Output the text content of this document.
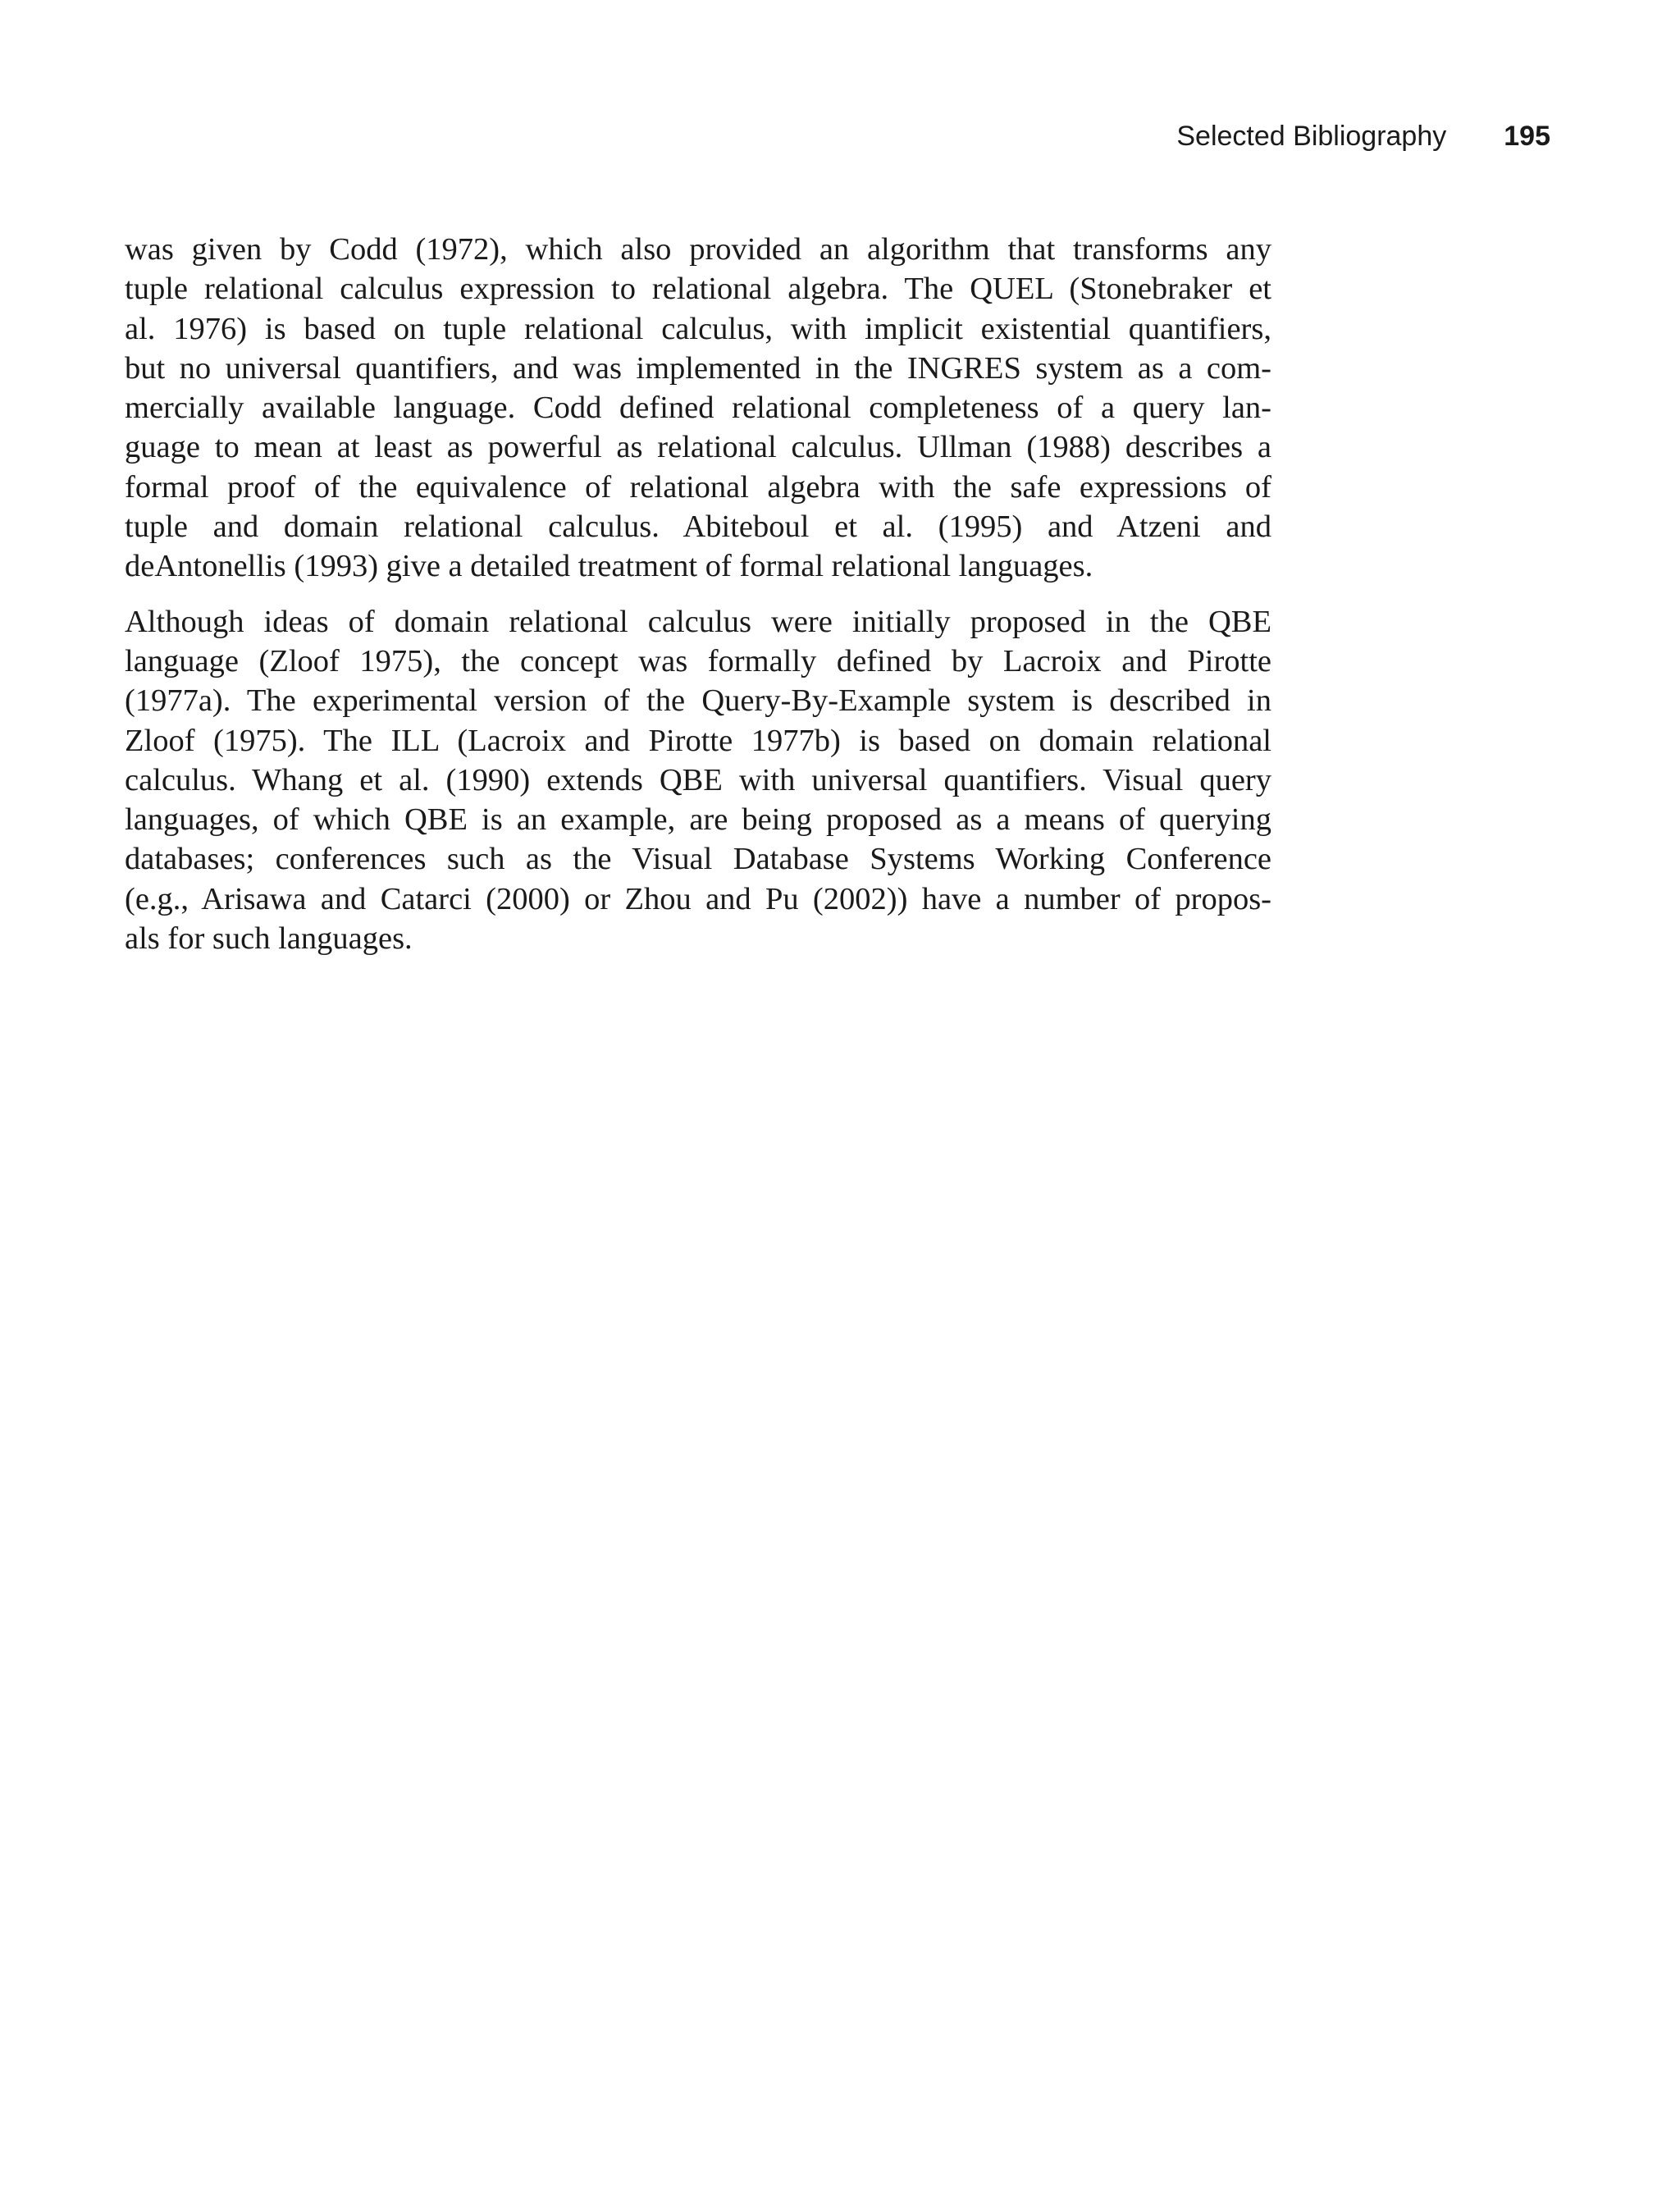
Selected Bibliography 195

was given by Codd (1972), which also provided an algorithm that transforms any
tuple relational calculus expression to relational algebra. The QUEL (Stonebraker et
al. 1976) is based on tuple relational calculus, with implicit existential quantifiers,
but no universal quantifiers, and was implemented in the INGRES system as a com-
mercially available language. Codd defined relational completeness of a query lan-
guage to mean at least as powerful as relational calculus. Ullman (1988) describes a
formal proof of the equivalence of relational algebra with the safe expressions of
tuple and domain relational calculus. Abiteboul et al. (1995) and Atzeni and
deAntonellis (1993) give a detailed treatment of formal relational languages.

Although ideas of domain relational calculus were initially proposed in the QBE
language (Zloof 1975), the concept was formally defined by Lacroix and Pirotte
(1977a). The experimental version of the Query-By-Example system is described in
Zloof (1975). The ILL (Lacroix and Pirotte 1977b) is based on domain relational
calculus. Whang et al. (1990) extends QBE with universal quantifiers. Visual query
languages, of which QBE is an example, are being proposed as a means of querying
databases; conferences such as the Visual Database Systems Working Conference
(e.g., Arisawa and Catarci (2000) or Zhou and Pu (2002)) have a number of propos-
als for such languages.
